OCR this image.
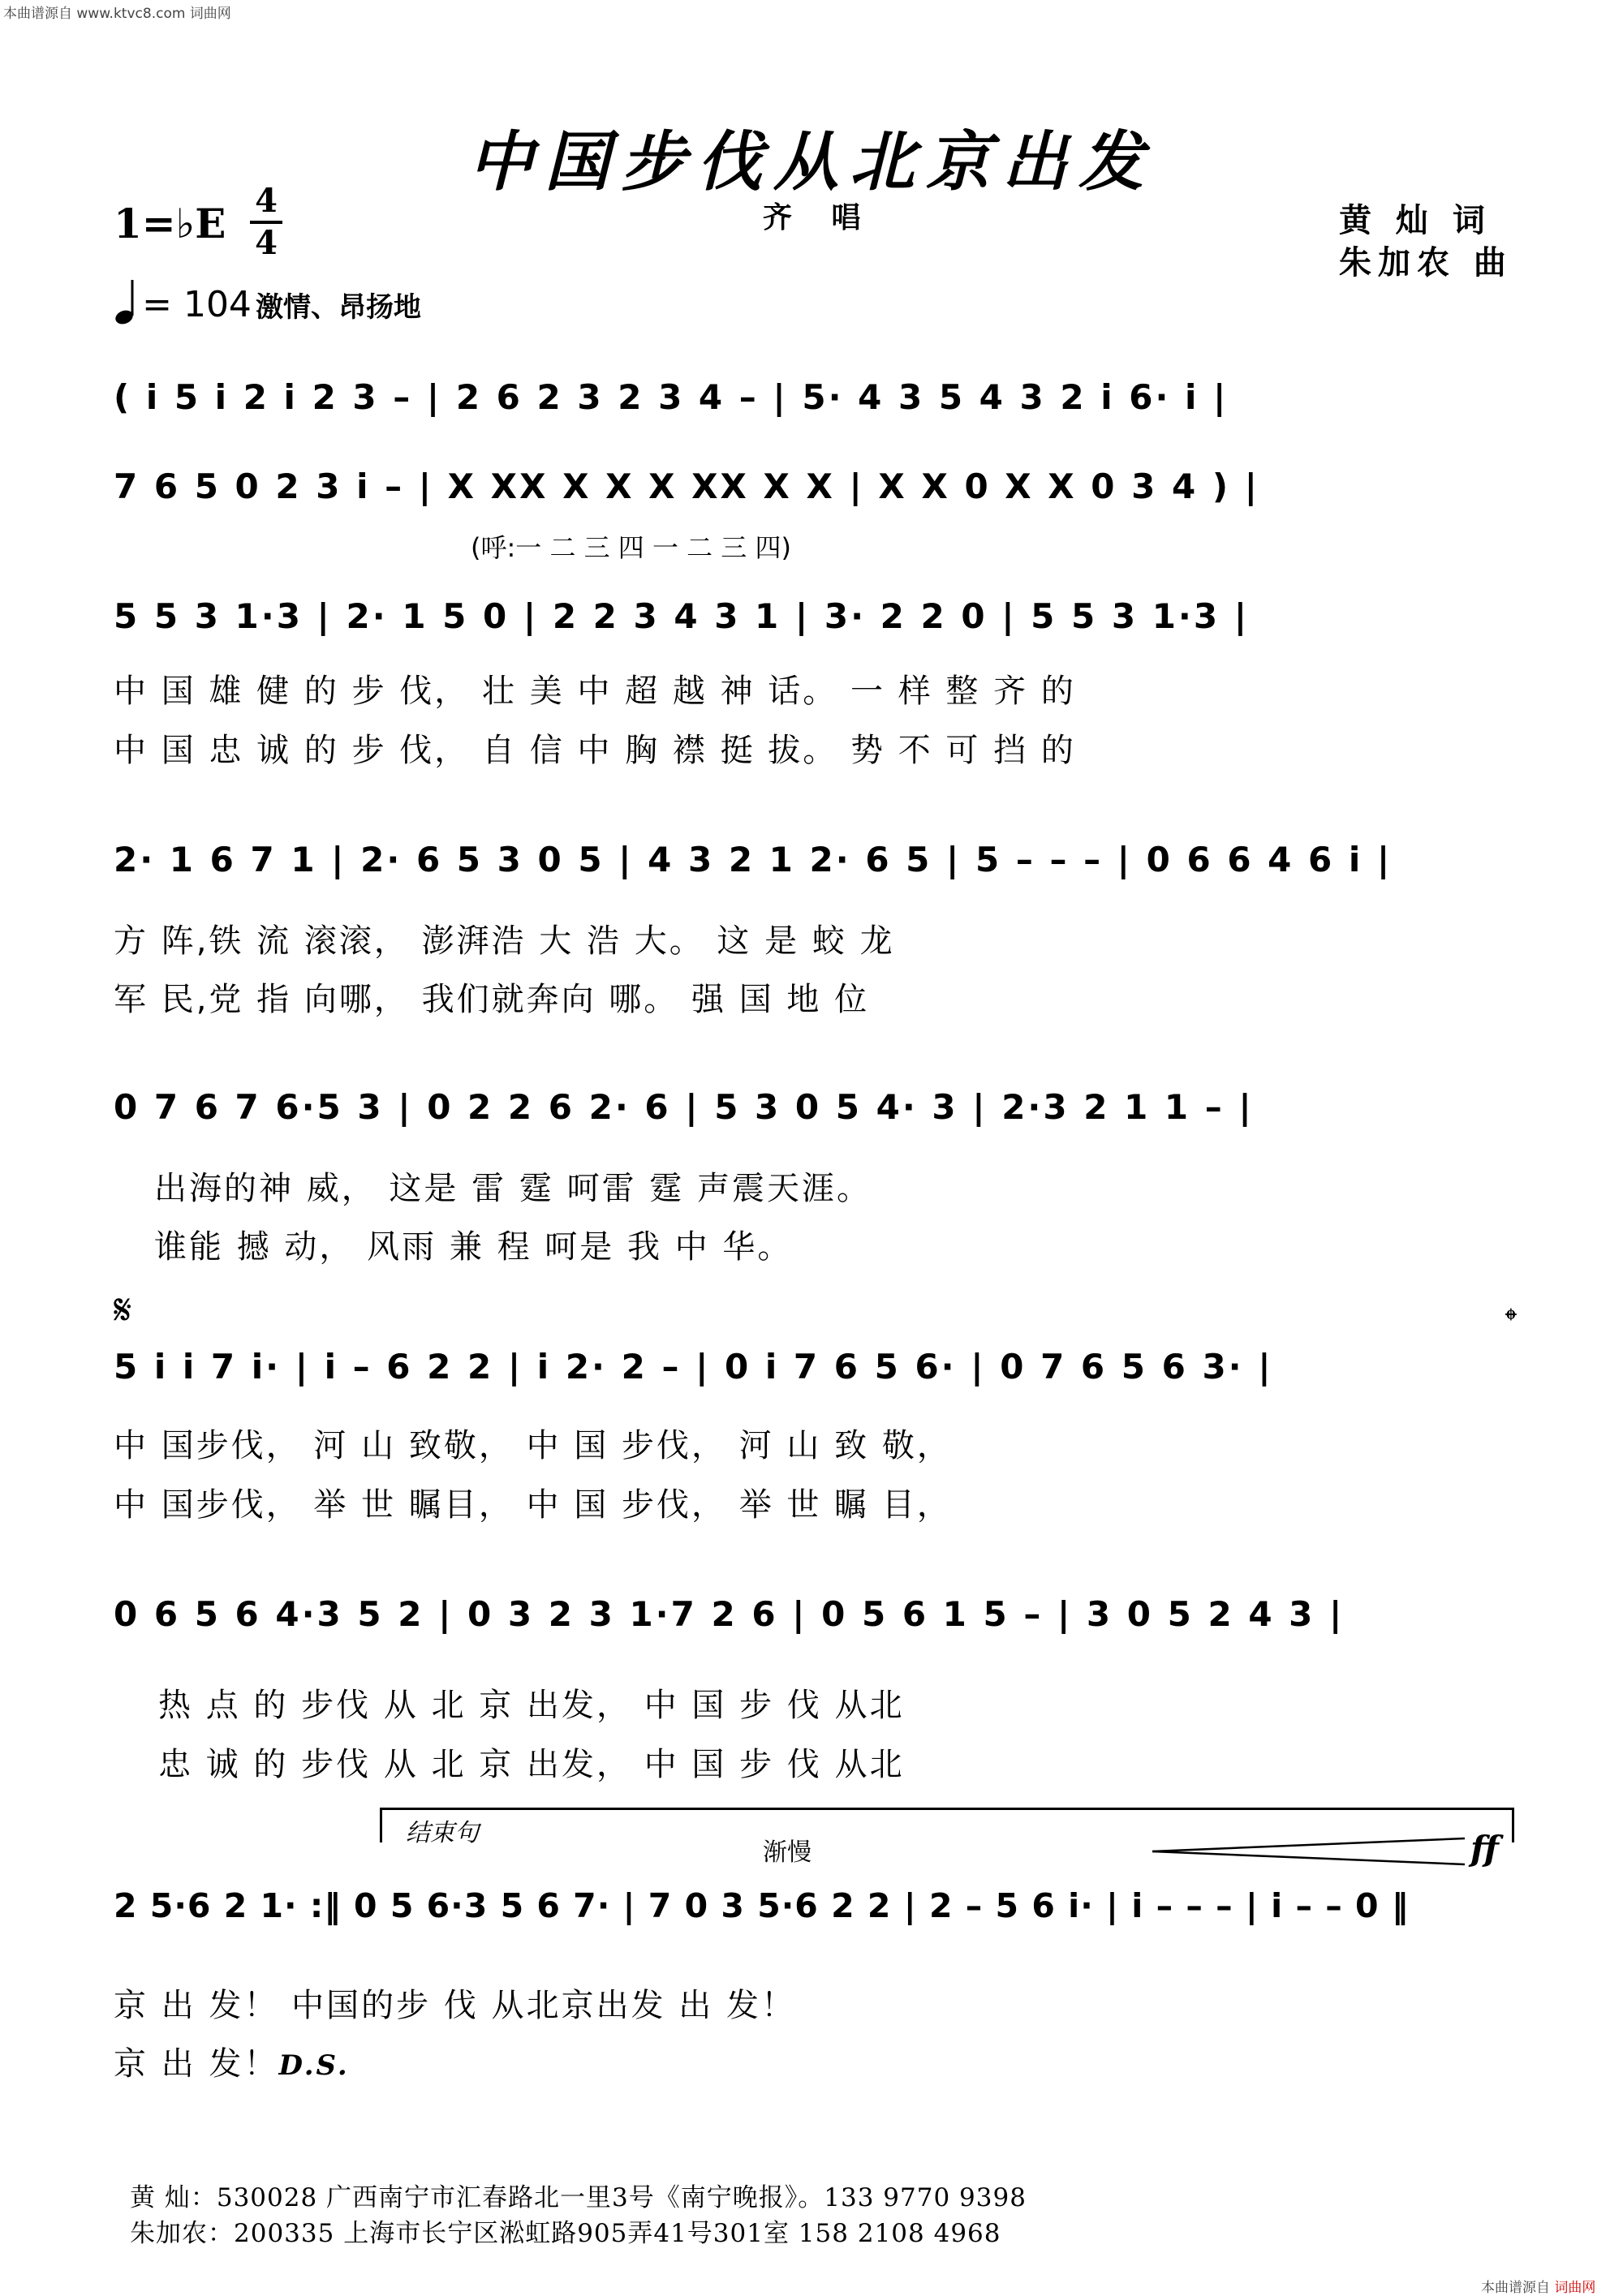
本曲谱源自 www.ktvc8.com 词曲网
本曲谱源自 词曲网
中国步伐从北京出发
1=♭E 4
4
齐 唱	黄 灿 词
朱加农 曲
= 104 激情、昂扬地
( i 5 i 2 i 2 3 – | 2 6 2 3 2 3 4 – | 5· 4 3 5 4 3 2 i 6· i |
7 6 5 0 2 3 i – | X XX X X X XX X X | X X 0 X X 0 3 4 ) |
(呼:一 二 三 四 一 二 三 四)
5 5 3 1·3 | 2· 1 5 0 | 2 2 3 4 3 1 | 3· 2 2 0 | 5 5 3 1·3 |
中 国 雄 健 的 步 伐， 壮 美 中 超 越 神 话。 一 样 整 齐 的
中 国 忠 诚 的 步 伐， 自 信 中 胸 襟 挺 拔。 势 不 可 挡 的
2· 1 6 7 1 | 2· 6 5 3 0 5 | 4 3 2 1 2· 6 5 | 5 – – – | 0 6 6 4 6 i |
方 阵,铁 流 滚滚， 澎湃浩 大 浩 大。 这 是 蛟 龙
军 民,党 指 向哪， 我们就奔向 哪。 强 国 地 位
0 7 6 7 6·5 3 | 0 2 2 6 2· 6 | 5 3 0 5 4· 3 | 2·3 2 1 1 – |
出海的神 威， 这是 雷 霆 呵雷 霆 声震天涯。
谁能 撼 动， 风雨 兼 程 呵是 我 中 华。
𝄋	𝄌
5 i i 7 i· | i – 6 2 2 | i 2· 2 – | 0 i 7 6 5 6· | 0 7 6 5 6 3· |
中 国步伐， 河 山 致敬， 中 国 步伐， 河 山 致 敬，
中 国步伐， 举 世 瞩目， 中 国 步伐， 举 世 瞩 目，
0 6 5 6 4·3 5 2 | 0 3 2 3 1·7 2 6 | 0 5 6 1 5 – | 3 0 5 2 4 3 |
热 点 的 步伐 从 北 京 出发， 中 国 步 伐 从北
忠 诚 的 步伐 从 北 京 出发， 中 国 步 伐 从北
结束句
渐慢	ff
2 5·6 2 1· :‖ 0 5 6·3 5 6 7· | 7 0 3 5·6 2 2 | 2 – 5 6 i· | i – – – | i – – 0 ‖
京 出 发！ 中国的步 伐 从北京出发 出 发！
京 出 发！D.S.
黄 灿：530028 广西南宁市汇春路北一里3号《南宁晚报》。133 9770 9398
朱加农：200335 上海市长宁区淞虹路905弄41号301室 158 2108 4968
